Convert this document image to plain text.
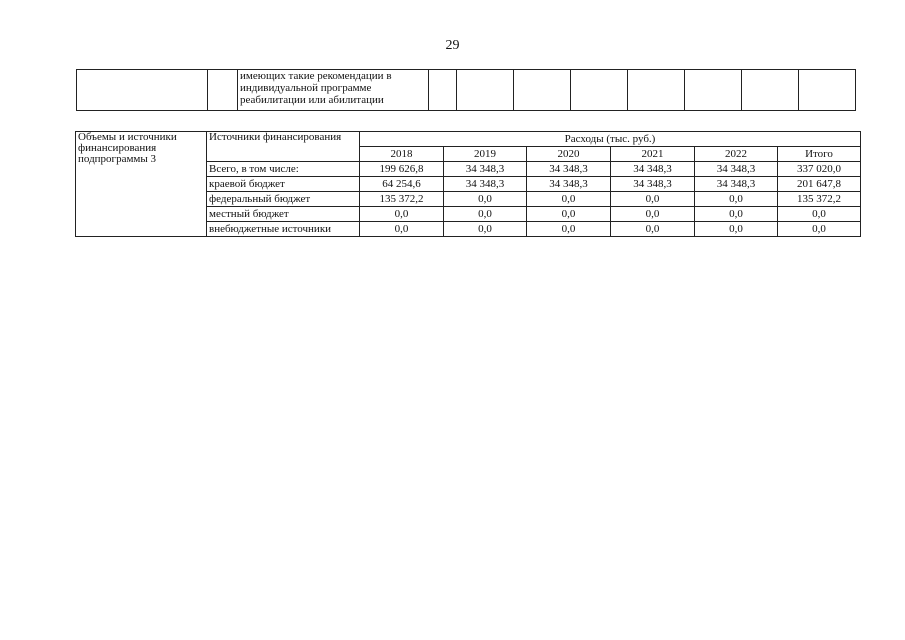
29
		имеющих такие рекомендации в индивидуальной программе реабилитации или абилитации								
Объемы и источники финансирования подпрограммы 3	Источники финансирования	Расходы (тыс. руб.)					
		2018	2019	2020	2021	2022	Итого
	Всего, в том числе:	199 626,8	34 348,3	34 348,3	34 348,3	34 348,3	337 020,0
	краевой бюджет	64 254,6	34 348,3	34 348,3	34 348,3	34 348,3	201 647,8
	федеральный бюджет	135 372,2	0,0	0,0	0,0	0,0	135 372,2
	местный бюджет	0,0	0,0	0,0	0,0	0,0	0,0
	внебюджетные источники	0,0	0,0	0,0	0,0	0,0	0,0
